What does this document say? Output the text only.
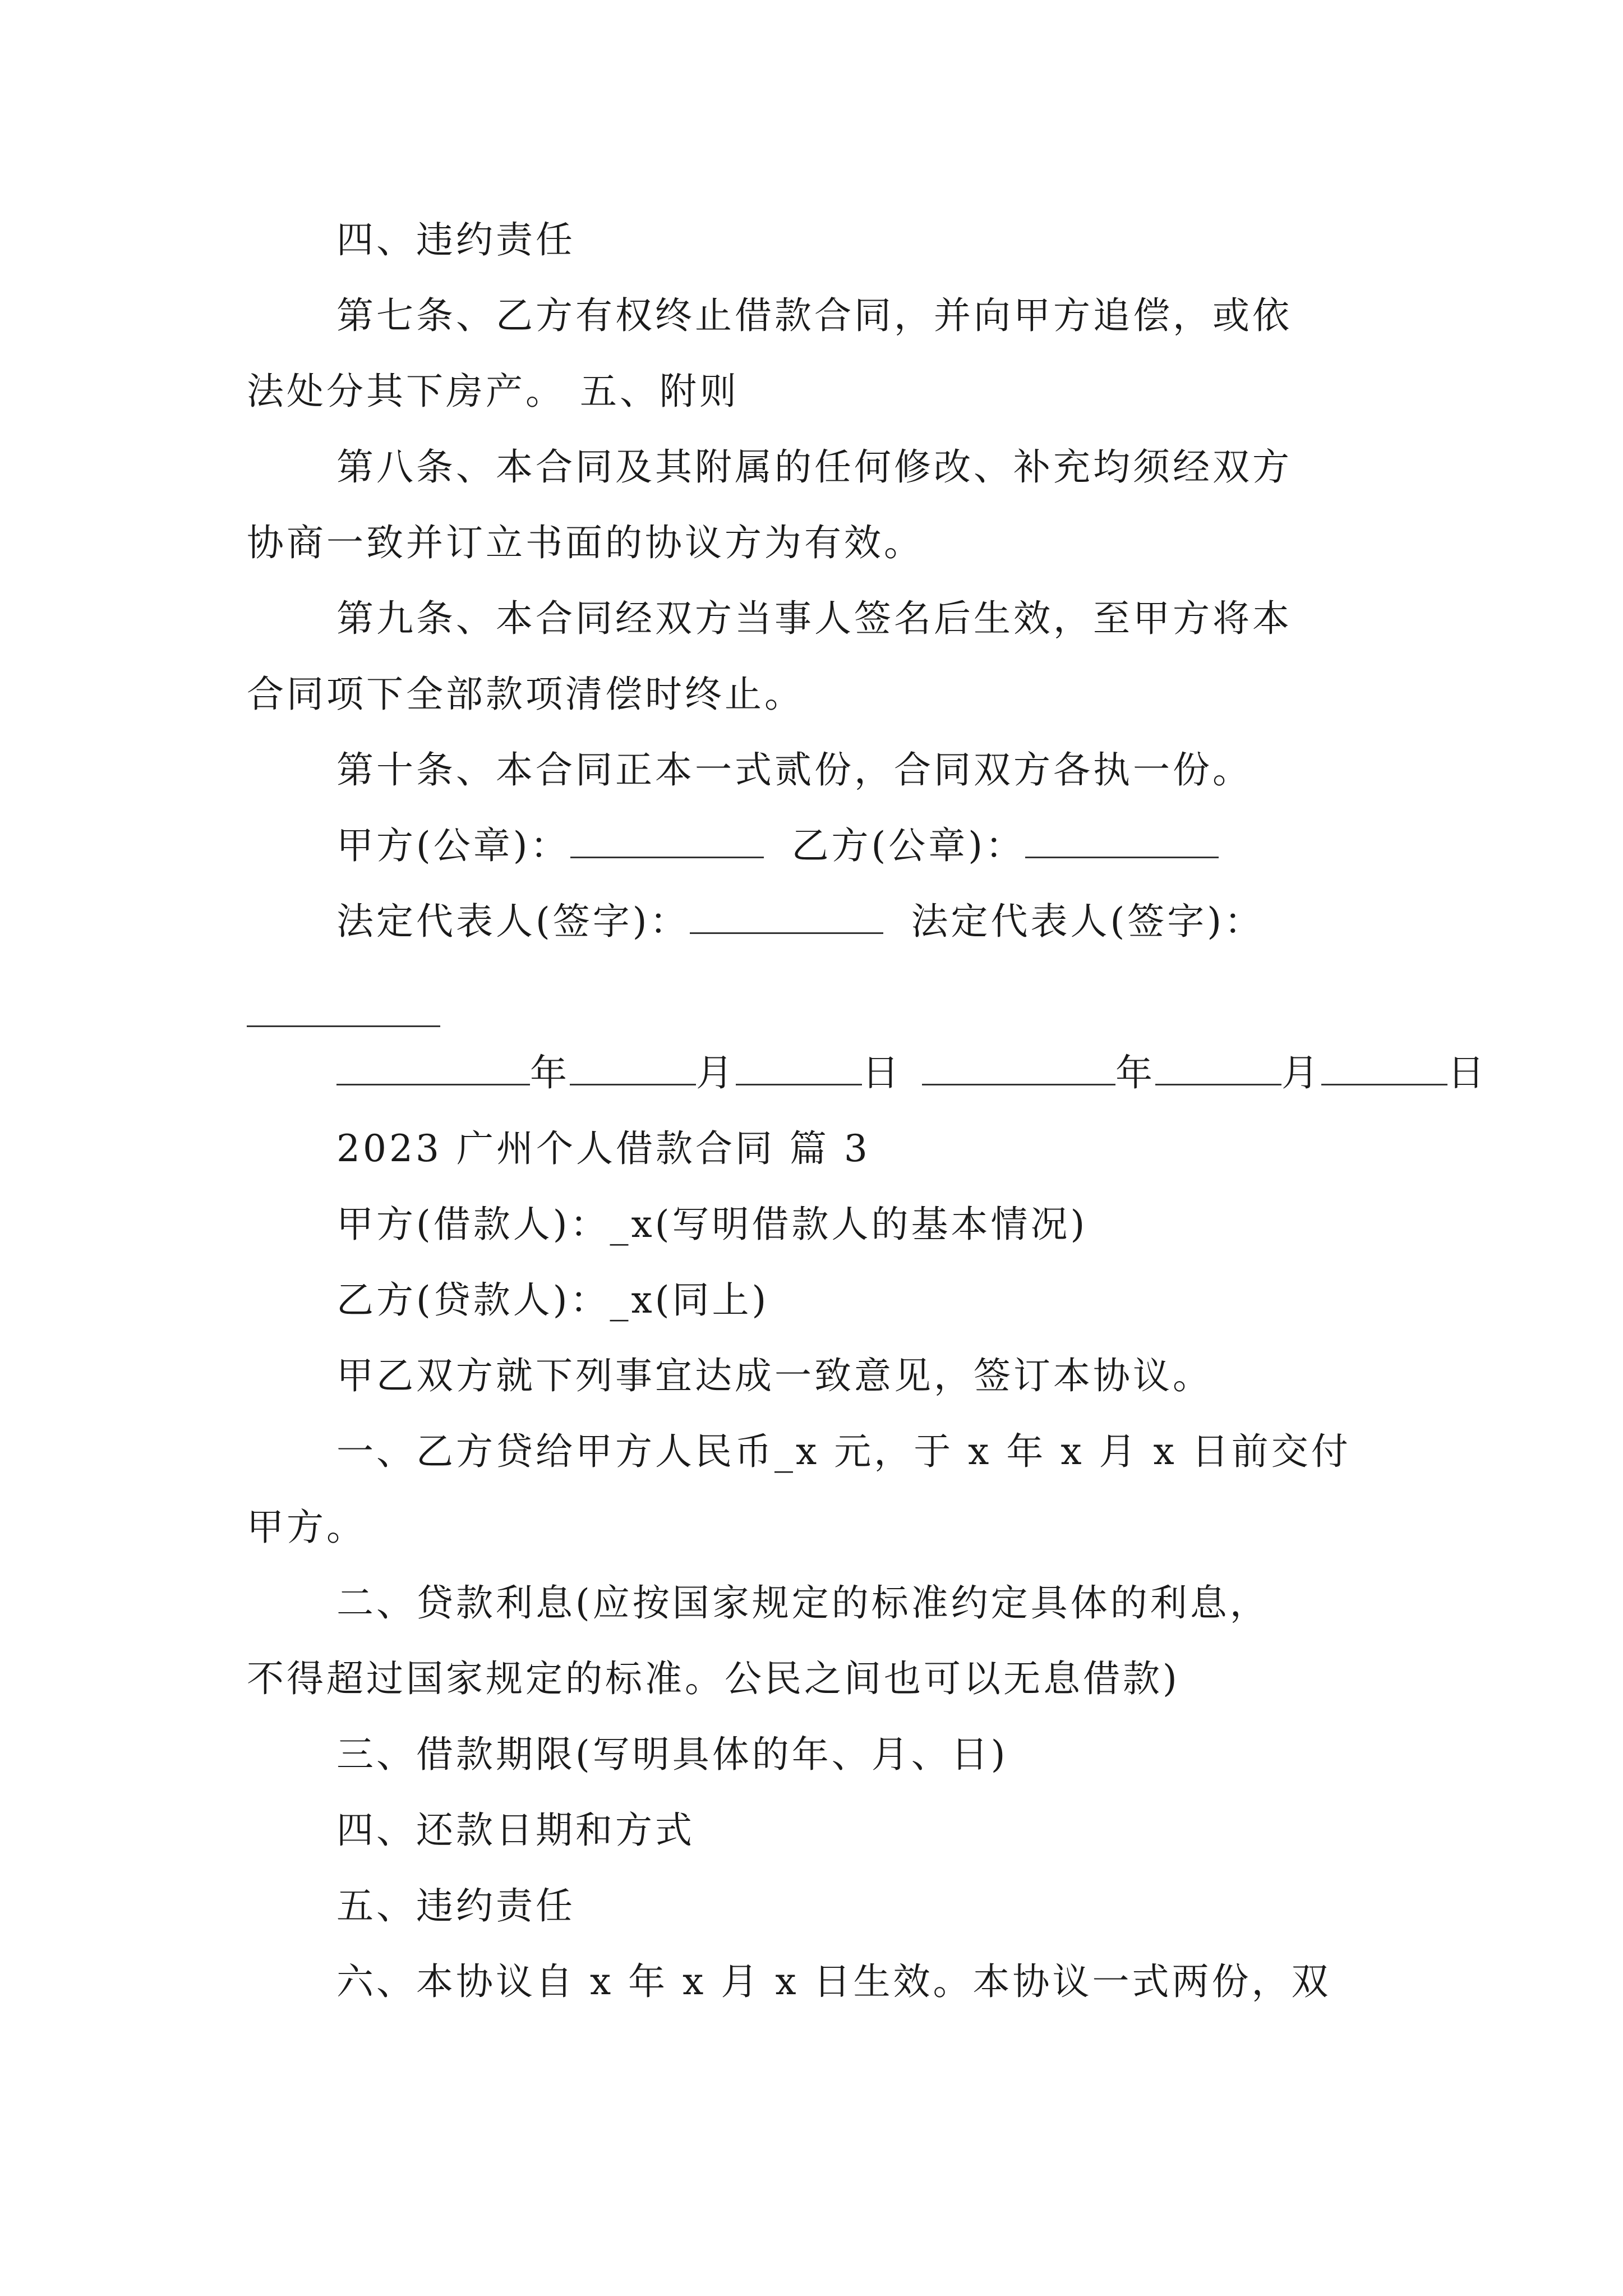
四、违约责任
第七条、乙方有权终止借款合同，并向甲方追偿，或依
法处分其下房产。 五、附则
第八条、本合同及其附属的任何修改、补充均须经双方
协商一致并订立书面的协议方为有效。
第九条、本合同经双方当事人签名后生效，至甲方将本
合同项下全部款项清偿时终止。
第十条、本合同正本一式贰份，合同双方各执一份。
甲方(公章)：	乙方(公章)：
法定代表人(签字)：	法定代表人(签字)：
年	月	日	年	月	日
2023 广州个人借款合同 篇 3
甲方(借款人)：_x(写明借款人的基本情况)
乙方(贷款人)：_x(同上)
甲乙双方就下列事宜达成一致意见，签订本协议。
一、乙方贷给甲方人民币_x 元，于 x 年 x 月 x 日前交付
甲方。
二、贷款利息(应按国家规定的标准约定具体的利息，
不得超过国家规定的标准。公民之间也可以无息借款)
三、借款期限(写明具体的年、月、日)
四、还款日期和方式
五、违约责任
六、本协议自 x 年 x 月 x 日生效。本协议一式两份，双
